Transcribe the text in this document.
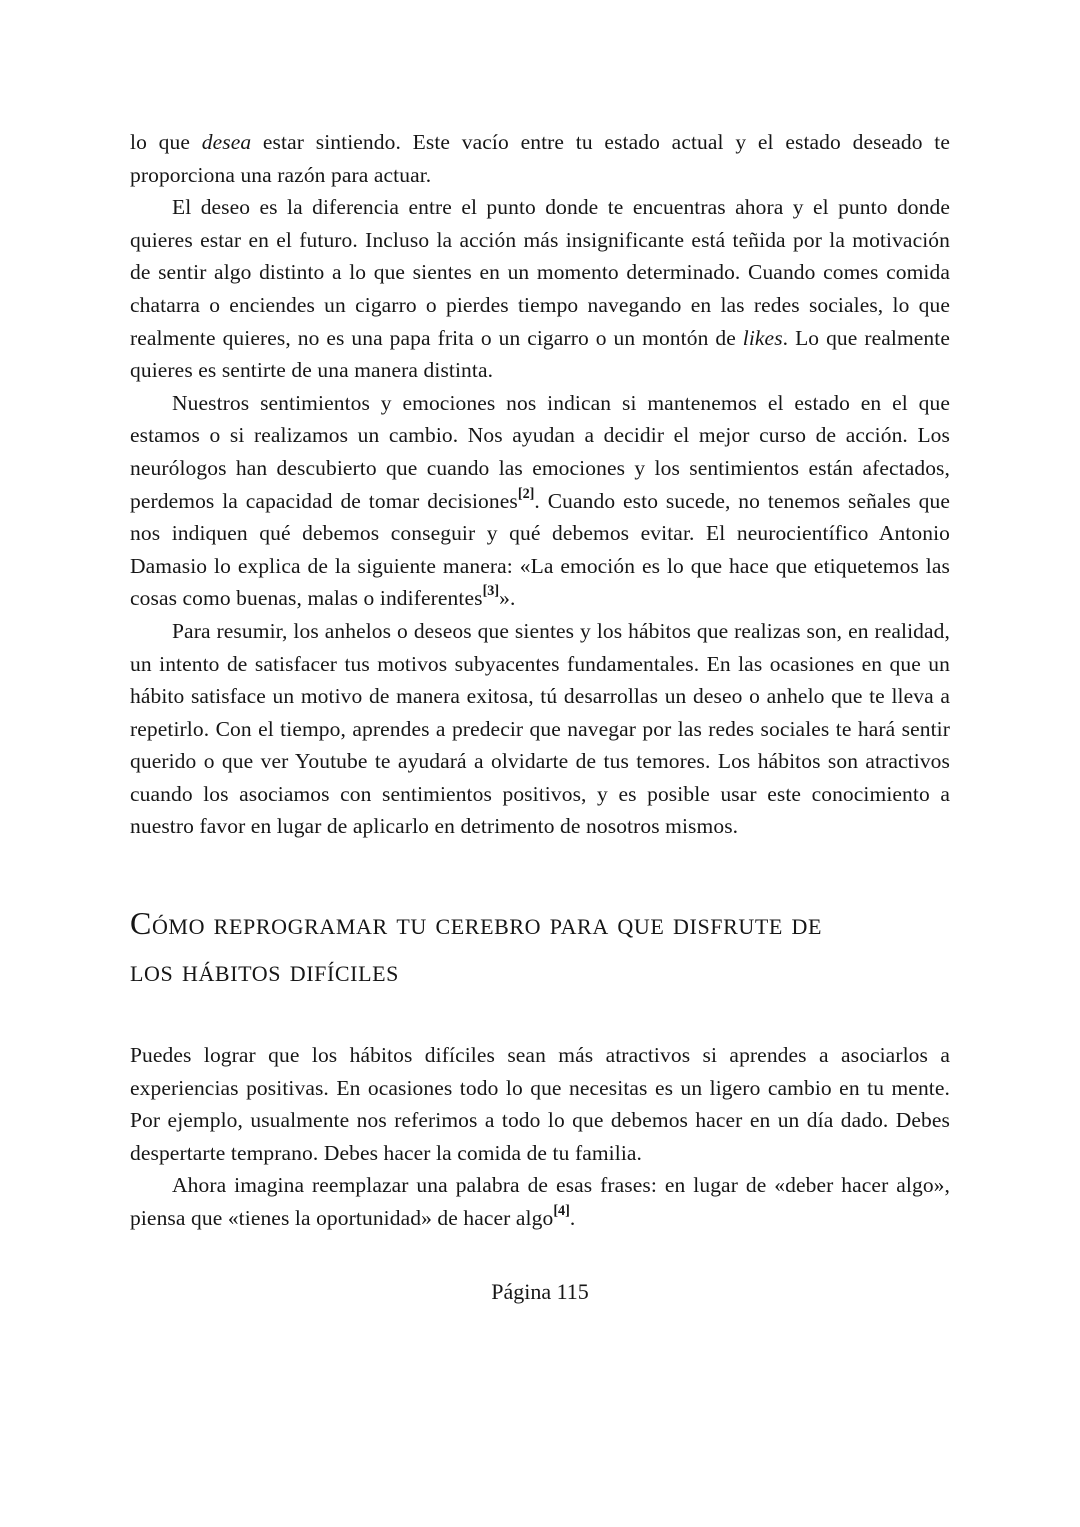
lo que desea estar sintiendo. Este vacío entre tu estado actual y el estado deseado te proporciona una razón para actuar.

El deseo es la diferencia entre el punto donde te encuentras ahora y el punto donde quieres estar en el futuro. Incluso la acción más insignificante está teñida por la motivación de sentir algo distinto a lo que sientes en un momento determinado. Cuando comes comida chatarra o enciendes un cigarro o pierdes tiempo navegando en las redes sociales, lo que realmente quieres, no es una papa frita o un cigarro o un montón de likes. Lo que realmente quieres es sentirte de una manera distinta.

Nuestros sentimientos y emociones nos indican si mantenemos el estado en el que estamos o si realizamos un cambio. Nos ayudan a decidir el mejor curso de acción. Los neurólogos han descubierto que cuando las emociones y los sentimientos están afectados, perdemos la capacidad de tomar decisiones[2]. Cuando esto sucede, no tenemos señales que nos indiquen qué debemos conseguir y qué debemos evitar. El neurocientífico Antonio Damasio lo explica de la siguiente manera: «La emoción es lo que hace que etiquetemos las cosas como buenas, malas o indiferentes[3]».

Para resumir, los anhelos o deseos que sientes y los hábitos que realizas son, en realidad, un intento de satisfacer tus motivos subyacentes fundamentales. En las ocasiones en que un hábito satisface un motivo de manera exitosa, tú desarrollas un deseo o anhelo que te lleva a repetirlo. Con el tiempo, aprendes a predecir que navegar por las redes sociales te hará sentir querido o que ver Youtube te ayudará a olvidarte de tus temores. Los hábitos son atractivos cuando los asociamos con sentimientos positivos, y es posible usar este conocimiento a nuestro favor en lugar de aplicarlo en detrimento de nosotros mismos.

Cómo reprogramar tu cerebro para que disfrute de
los hábitos difíciles

Puedes lograr que los hábitos difíciles sean más atractivos si aprendes a asociarlos a experiencias positivas. En ocasiones todo lo que necesitas es un ligero cambio en tu mente. Por ejemplo, usualmente nos referimos a todo lo que debemos hacer en un día dado. Debes despertarte temprano. Debes hacer la comida de tu familia.

Ahora imagina reemplazar una palabra de esas frases: en lugar de «deber hacer algo», piensa que «tienes la oportunidad» de hacer algo[4].

Página 115
